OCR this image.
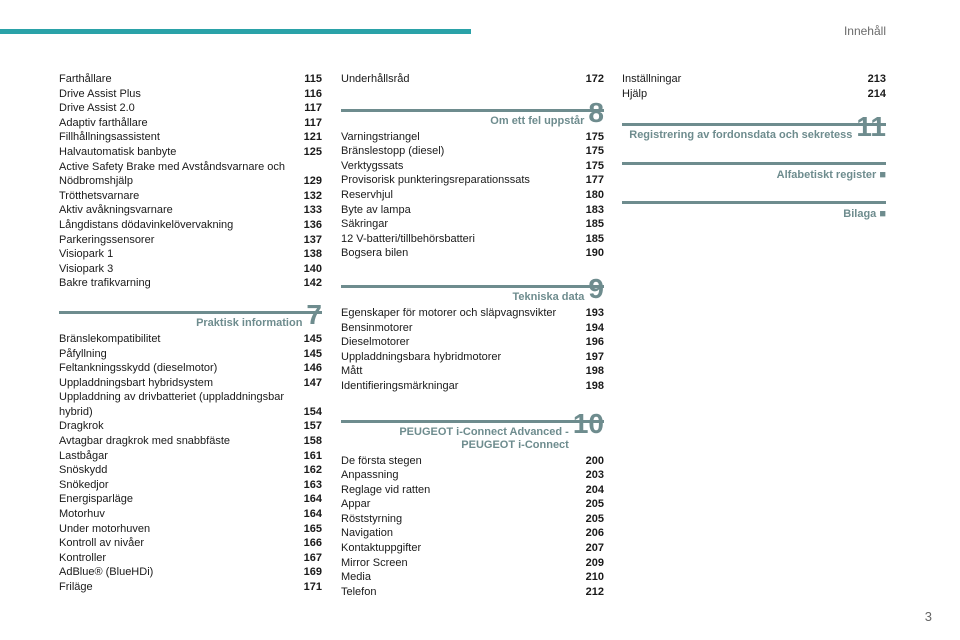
Innehåll
Farthållare	115
Drive Assist Plus	116
Drive Assist 2.0	117
Adaptiv farthållare	117
Fillhållningsassistent	121
Halvautomatisk banbyte	125
Active Safety Brake med Avståndsvarnare och Nödbromshjälp	129
Trötthetsvarnare	132
Aktiv avåkningsvarnare	133
Långdistans dödavinkelövervakning	136
Parkeringssensorer	137
Visiopark 1	138
Visiopark 3	140
Bakre trafikvarning	142
Praktisk information 7
Bränslekompatibilitet	145
Påfyllning	145
Feltankningsskydd (dieselmotor)	146
Uppladdningsbart hybridsystem	147
Uppladdning av drivbatteriet (uppladdningsbar hybrid)	154
Dragkrok	157
Avtagbar dragkrok med snabbfäste	158
Lastbågar	161
Snöskydd	162
Snökedjor	163
Energisparläge	164
Motorhuv	164
Under motorhuven	165
Kontroll av nivåer	166
Kontroller	167
AdBlue® (BlueHDi)	169
Friläge	171
Underhållsråd	172
Om ett fel uppstår 8
Varningstriangel	175
Bränslestopp (diesel)	175
Verktygssats	175
Provisorisk punkteringsreparationssats	177
Reservhjul	180
Byte av lampa	183
Säkringar	185
12 V-batteri/tillbehörsbatteri	185
Bogsera bilen	190
Tekniska data 9
Egenskaper för motorer och släpvagnsvikter	193
Bensinmotorer	194
Dieselmotorer	196
Uppladdningsbara hybridmotorer	197
Mått	198
Identifieringsmärkningar	198
PEUGEOT i-Connect Advanced -
PEUGEOT i-Connect
10
De första stegen	200
Anpassning	203
Reglage vid ratten	204
Appar	205
Röststyrning	205
Navigation	206
Kontaktuppgifter	207
Mirror Screen	209
Media	210
Telefon	212
Inställningar	213
Hjälp	214
Registrering av fordonsdata och sekretess 11
Alfabetiskt register ■
Bilaga ■
3
